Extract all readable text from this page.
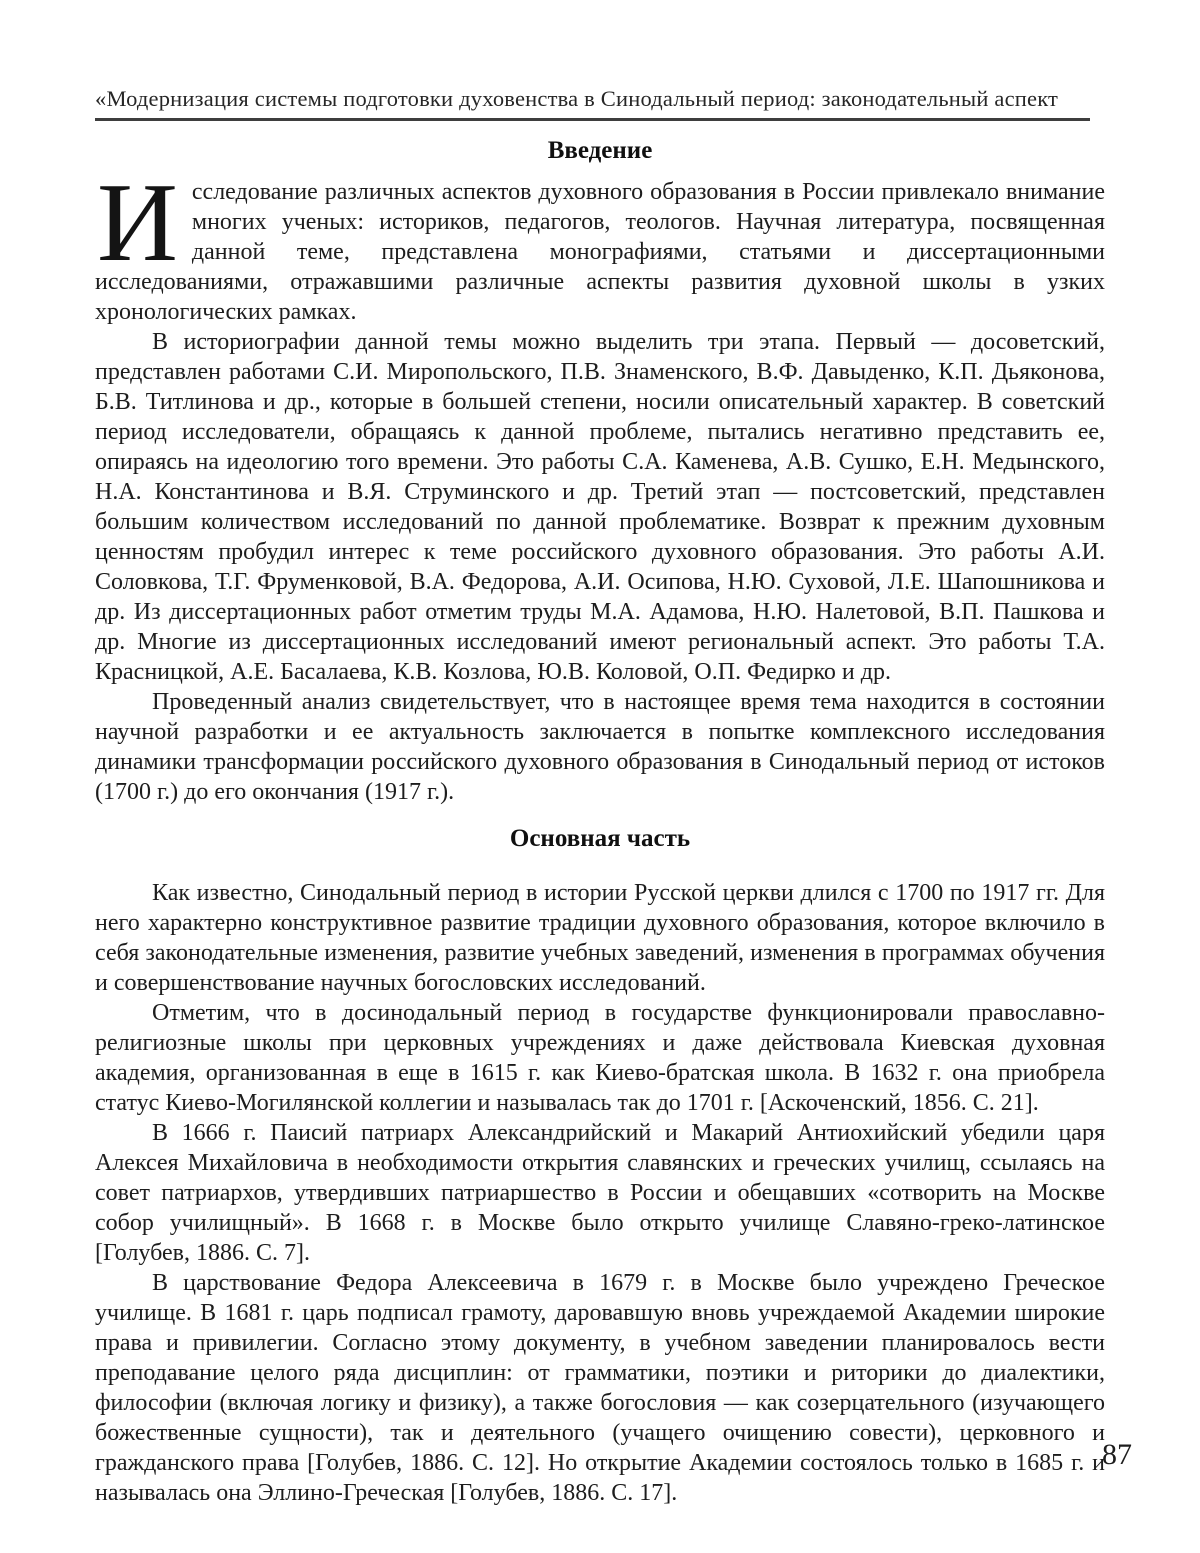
«Модернизация системы подготовки духовенства в Синодальный период: законодательный аспект
Введение

Исследование различных аспектов духовного образования в России привлекало внимание многих ученых: историков, педагогов, теологов. Научная литература, посвященная данной теме, представлена монографиями, статьями и диссертационными исследованиями, отражавшими различные аспекты развития духовной школы в узких хронологических рамках.

В историографии данной темы можно выделить три этапа. Первый — досоветский, представлен работами С.И. Миропольского, П.В. Знаменского, В.Ф. Давыденко, К.П. Дьяконова, Б.В. Титлинова и др., которые в большей степени, носили описательный характер. В советский период исследователи, обращаясь к данной проблеме, пытались негативно представить ее, опираясь на идеологию того времени. Это работы С.А. Каменева, А.В. Сушко, Е.Н. Медынского, Н.А. Константинова и В.Я. Струминского и др. Третий этап — постсоветский, представлен большим количеством исследований по данной проблематике. Возврат к прежним духовным ценностям пробудил интерес к теме российского духовного образования. Это работы А.И. Соловкова, Т.Г. Фруменковой, В.А. Федорова, А.И. Осипова, Н.Ю. Суховой, Л.Е. Шапошникова и др. Из диссертационных работ отметим труды М.А. Адамова, Н.Ю. Налетовой, В.П. Пашкова и др. Многие из диссертационных исследований имеют региональный аспект. Это работы Т.А. Красницкой, А.Е. Басалаева, К.В. Козлова, Ю.В. Коловой, О.П. Федирко и др.

Проведенный анализ свидетельствует, что в настоящее время тема находится в состоянии научной разработки и ее актуальность заключается в попытке комплексного исследования динамики трансформации российского духовного образования в Синодальный период от истоков (1700 г.) до его окончания (1917 г.).

Основная часть

Как известно, Синодальный период в истории Русской церкви длился с 1700 по 1917 гг. Для него характерно конструктивное развитие традиции духовного образования, которое включило в себя законодательные изменения, развитие учебных заведений, изменения в программах обучения и совершенствование научных богословских исследований.

Отметим, что в досинодальный период в государстве функционировали православно-религиозные школы при церковных учреждениях и даже действовала Киевская духовная академия, организованная в еще в 1615 г. как Киево-братская школа. В 1632 г. она приобрела статус Киево-Могилянской коллегии и называлась так до 1701 г. [Аскоченский, 1856. С. 21].

В 1666 г. Паисий патриарх Александрийский и Макарий Антиохийский убедили царя Алексея Михайловича в необходимости открытия славянских и греческих училищ, ссылаясь на совет патриархов, утвердивших патриаршество в России и обещавших «сотворить на Москве собор училищный». В 1668 г. в Москве было открыто училище Славяно-греко-латинское [Голубев, 1886. С. 7].

В царствование Федора Алексеевича в 1679 г. в Москве было учреждено Греческое училище. В 1681 г. царь подписал грамоту, даровавшую вновь учреждаемой Академии широкие права и привилегии. Согласно этому документу, в учебном заведении планировалось вести преподавание целого ряда дисциплин: от грамматики, поэтики и риторики до диалектики, философии (включая логику и физику), а также богословия — как созерцательного (изучающего божественные сущности), так и деятельного (учащего очищению совести), церковного и гражданского права [Голубев, 1886. С. 12]. Но открытие Академии состоялось только в 1685 г. и называлась она Эллино-Греческая [Голубев, 1886. С. 17].

87
